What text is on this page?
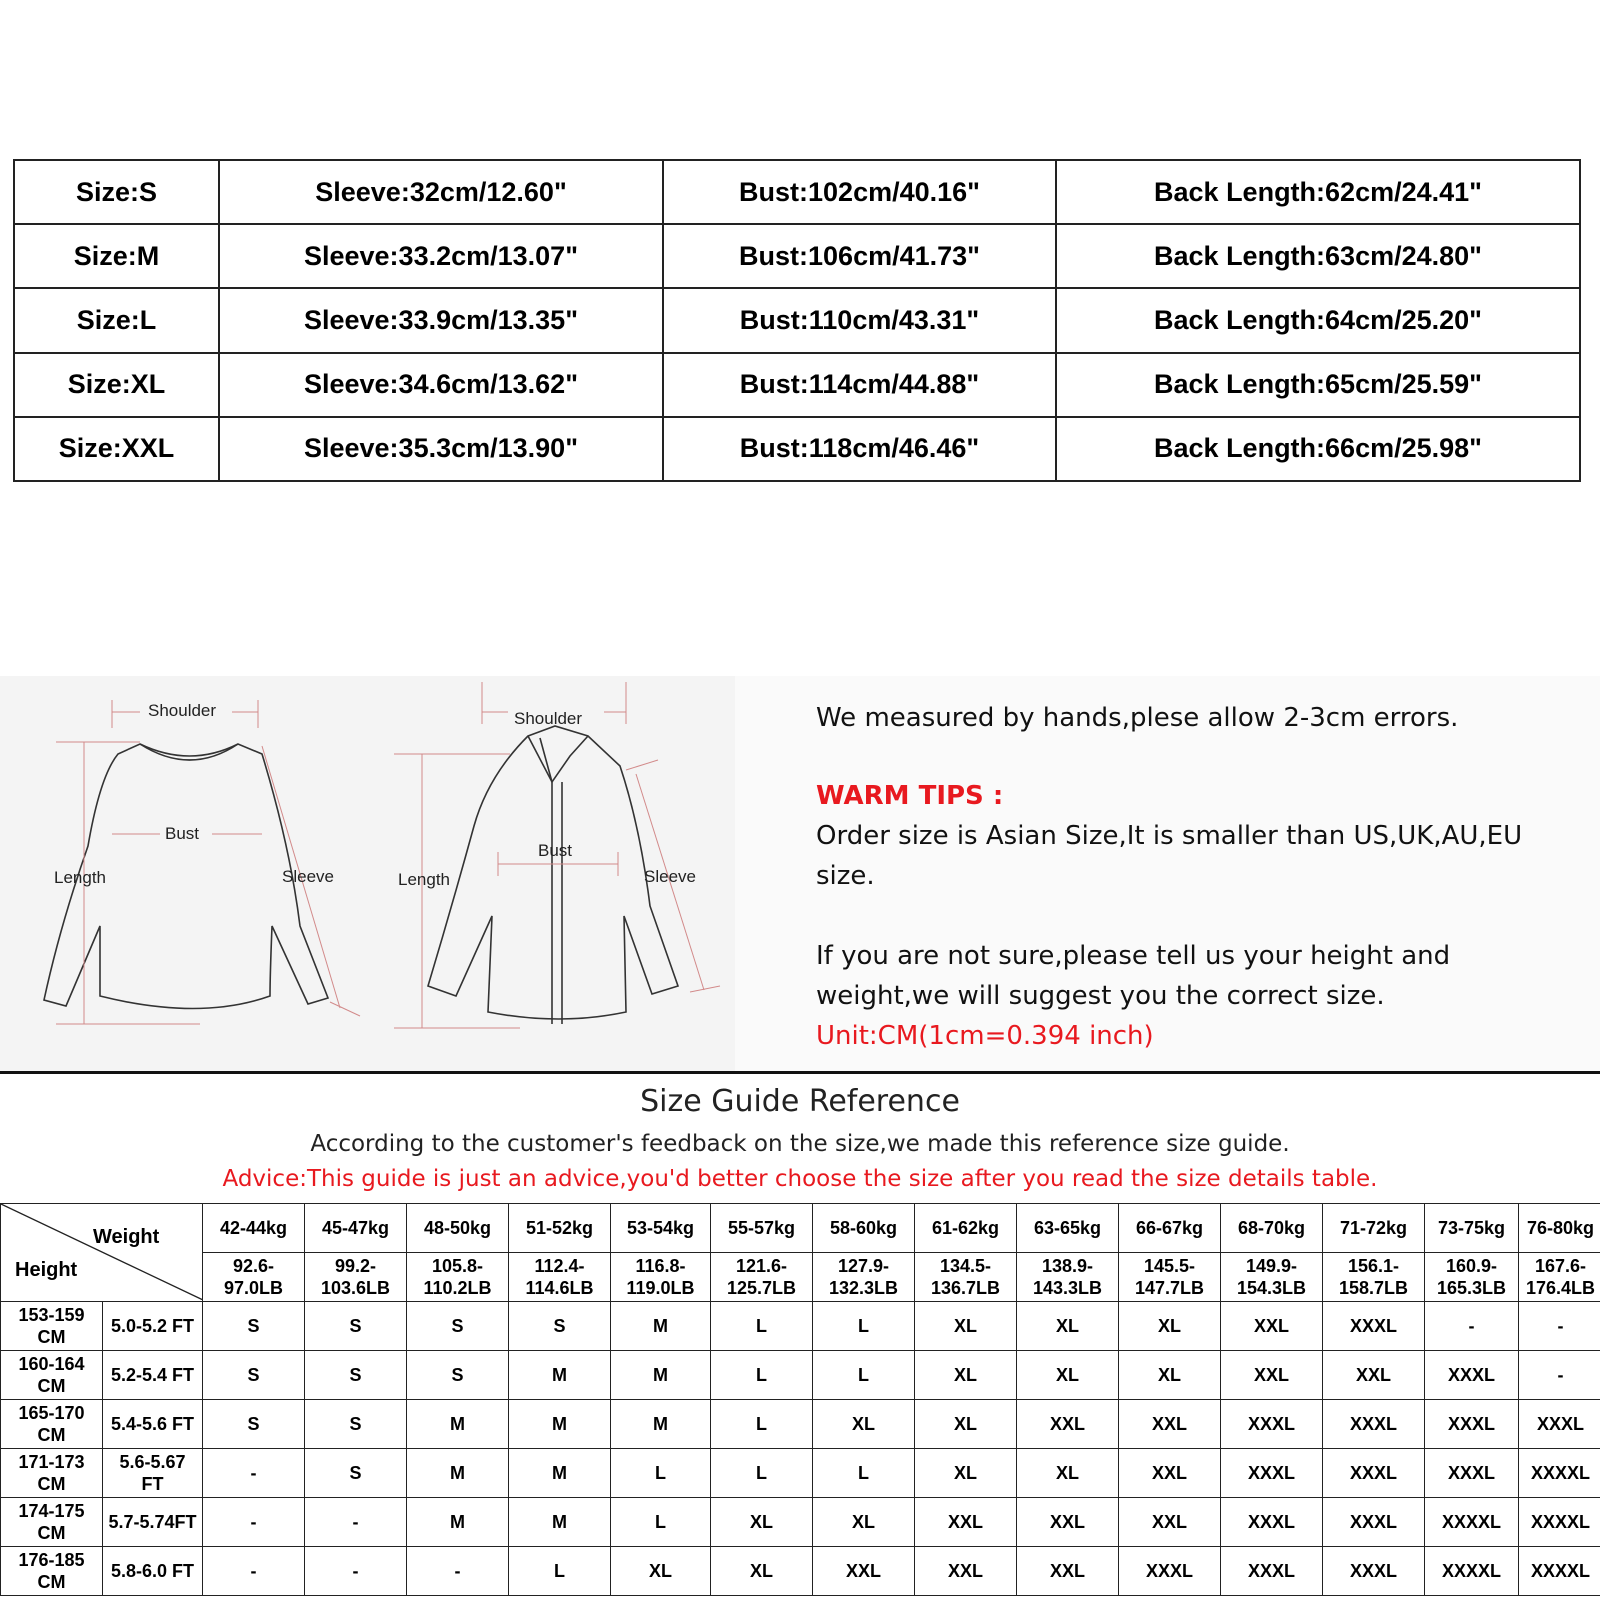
Size:S	Sleeve:32cm/12.60"	Bust:102cm/40.16"	Back Length:62cm/24.41"
Size:M	Sleeve:33.2cm/13.07"	Bust:106cm/41.73"	Back Length:63cm/24.80"
Size:L	Sleeve:33.9cm/13.35"	Bust:110cm/43.31"	Back Length:64cm/25.20"
Size:XL	Sleeve:34.6cm/13.62"	Bust:114cm/44.88"	Back Length:65cm/25.59"
Size:XXL	Sleeve:35.3cm/13.90"	Bust:118cm/46.46"	Back Length:66cm/25.98"
Shoulder
Bust
Length	Sleeve
Shoulder
Bust
Length	Sleeve

We measured by hands,plese allow 2-3cm errors.

WARM TIPS :

Order size is Asian Size,It is smaller than US,UK,AU,EU size.

If you are not sure,please tell us your height and weight,we will suggest you the correct size.

Unit:CM(1cm=0.394 inch)

Size Guide Reference
According to the customer's feedback on the size,we made this reference size guide.
Advice:This guide is just an advice,you'd better choose the size after you read the size details table.
Weight
Height		42-44kg	45-47kg	48-50kg	51-52kg	53-54kg	55-57kg	58-60kg	61-62kg	63-65kg	66-67kg	68-70kg	71-72kg	73-75kg	76-80kg
		92.6-
97.0LB	99.2-
103.6LB	105.8-
110.2LB	112.4-
114.6LB	116.8-
119.0LB	121.6-
125.7LB	127.9-
132.3LB	134.5-
136.7LB	138.9-
143.3LB	145.5-
147.7LB	149.9-
154.3LB	156.1-
158.7LB	160.9-
165.3LB	167.6-
176.4LB
153-159
CM	5.0-5.2 FT	S	S	S	S	M	L	L	XL	XL	XL	XXL	XXXL	-	-
160-164
CM	5.2-5.4 FT	S	S	S	M	M	L	L	XL	XL	XL	XXL	XXL	XXXL	-
165-170
CM	5.4-5.6 FT	S	S	M	M	M	L	XL	XL	XXL	XXL	XXXL	XXXL	XXXL	XXXL
171-173
CM	5.6-5.67
FT	-	S	M	M	L	L	L	XL	XL	XXL	XXXL	XXXL	XXXL	XXXXL
174-175
CM	5.7-5.74FT	-	-	M	M	L	XL	XL	XXL	XXL	XXL	XXXL	XXXL	XXXXL	XXXXL
176-185
CM	5.8-6.0 FT	-	-	-	L	XL	XL	XXL	XXL	XXL	XXXL	XXXL	XXXL	XXXXL	XXXXL
